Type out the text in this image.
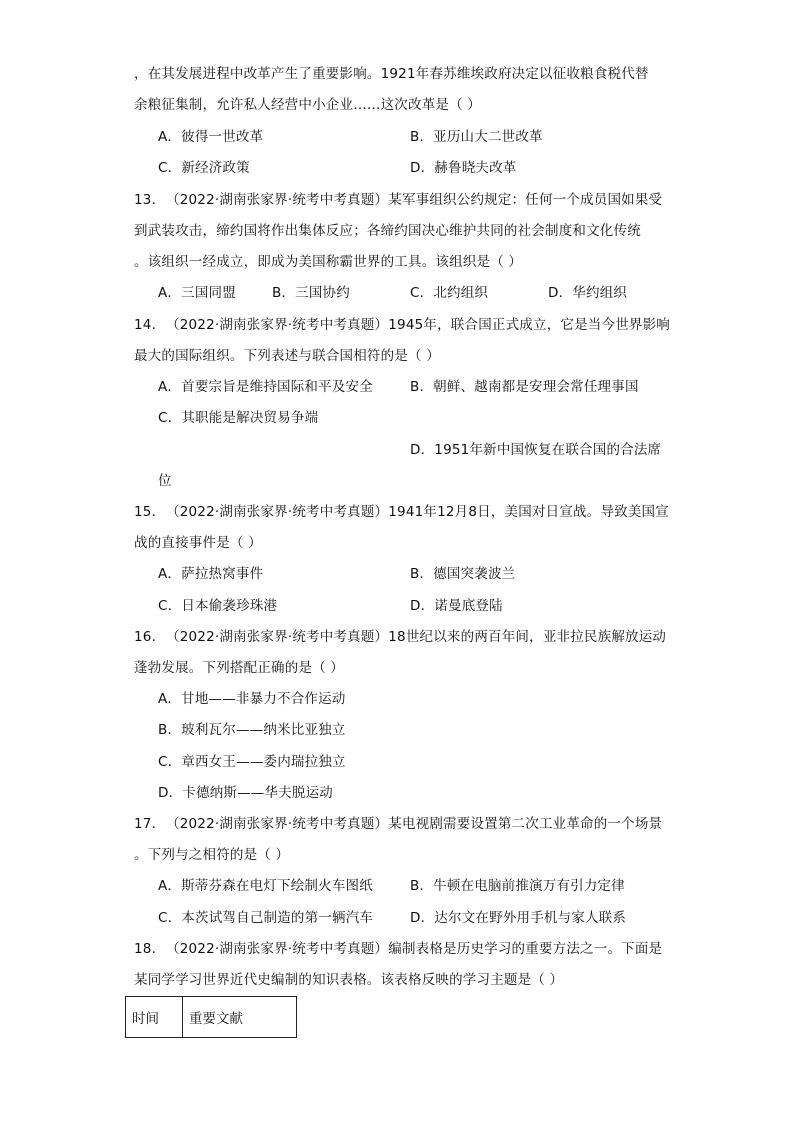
，在其发展进程中改革产生了重要影响。1921年春苏维埃政府决定以征收粮食税代替
余粮征集制，允许私人经营中小企业……这次改革是（ ）
A．彼得一世改革	B．亚历山大二世改革
C．新经济政策	D．赫鲁晓夫改革
13． （2022·湖南张家界·统考中考真题）某军事组织公约规定：任何一个成员国如果受
到武装攻击，缔约国将作出集体反应；各缔约国决心维护共同的社会制度和文化传统
。该组织一经成立，即成为美国称霸世界的工具。该组织是（ ）
A．三国同盟	B．三国协约	C．北约组织	D．华约组织
14． （2022·湖南张家界·统考中考真题）1945年，联合国正式成立，它是当今世界影响
最大的国际组织。下列表述与联合国相符的是（ ）
A．首要宗旨是维持国际和平及安全	B．朝鲜、越南都是安理会常任理事国
C．其职能是解决贸易争端
D．1951年新中国恢复在联合国的合法席
位
15． （2022·湖南张家界·统考中考真题）1941年12月8日，美国对日宣战。导致美国宣
战的直接事件是（ ）
A．萨拉热窝事件	B．德国突袭波兰
C．日本偷袭珍珠港	D．诺曼底登陆
16． （2022·湖南张家界·统考中考真题）18世纪以来的两百年间，亚非拉民族解放运动
蓬勃发展。下列搭配正确的是（ ）
A．甘地——非暴力不合作运动
B．玻利瓦尔——纳米比亚独立
C．章西女王——委内瑞拉独立
D．卡德纳斯——华夫脱运动
17． （2022·湖南张家界·统考中考真题）某电视剧需要设置第二次工业革命的一个场景
。下列与之相符的是（ ）
A．斯蒂芬森在电灯下绘制火车图纸	B．牛顿在电脑前推演万有引力定律
C．本茨试驾自己制造的第一辆汽车	D．达尔文在野外用手机与家人联系
18． （2022·湖南张家界·统考中考真题）编制表格是历史学习的重要方法之一。下面是
某同学学习世界近代史编制的知识表格。该表格反映的学习主题是（ ）
时间	重要文献
